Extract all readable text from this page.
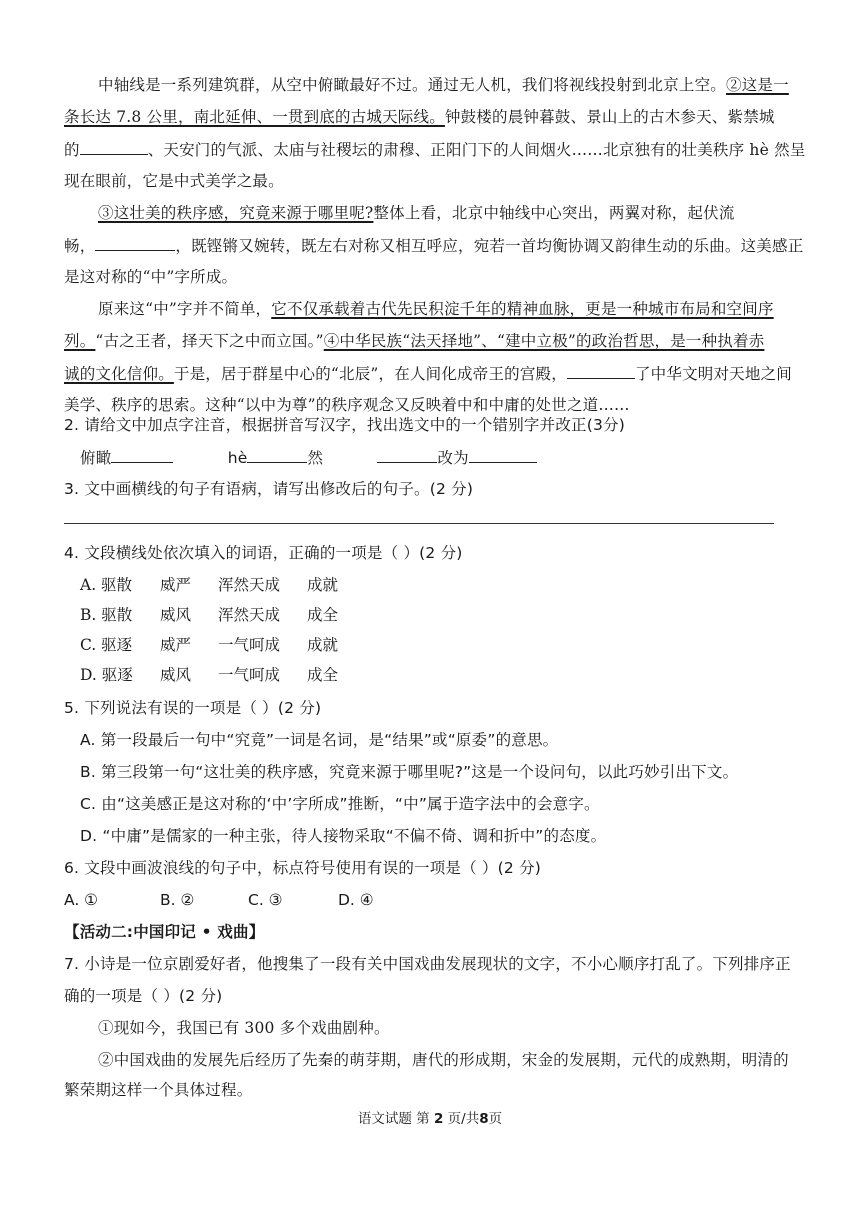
中轴线是一系列建筑群，从空中俯瞰最好不过。通过无人机，我们将视线投射到北京上空。②这是一
条长达 7.8 公里，南北延伸、一贯到底的古城天际线。钟鼓楼的晨钟暮鼓、景山上的古木参天、紫禁城
的	、天安门的气派、太庙与社稷坛的肃穆、正阳门下的人间烟火……北京独有的壮美秩序 hè 然呈
现在眼前，它是中式美学之最。
③这壮美的秩序感，究竟来源于哪里呢?整体上看，北京中轴线中心突出，两翼对称，起伏流
畅，	，既铿锵又婉转，既左右对称又相互呼应，宛若一首均衡协调又韵律生动的乐曲。这美感正
是这对称的“中”字所成。
原来这“中”字并不简单，它不仅承载着古代先民积淀千年的精神血脉，更是一种城市布局和空间序
列。“古之王者，择天下之中而立国。”④中华民族“法天择地”、“建中立极”的政治哲思，是一种执着赤
诚的文化信仰。于是，居于群星中心的“北辰”，在人间化成帝王的宫殿，	了中华文明对天地之间
美学、秩序的思索。这种“以中为尊”的秩序观念又反映着中和中庸的处世之道……
2. 请给文中加点字注音，根据拼音写汉字，找出选文中的一个错别字并改正(3分)
俯瞰	hè	然	改为
3. 文中画横线的句子有语病，请写出修改后的句子。(2 分)
4. 文段横线处依次填入的词语，正确的一项是（ ）(2 分)
A. 驱散 威严 浑然天成 成就
B. 驱散 威风 浑然天成 成全
C. 驱逐 威严 一气呵成 成就
D. 驱逐 威风 一气呵成 成全
5. 下列说法有误的一项是（ ）(2 分)
A. 第一段最后一句中“究竟”一词是名词，是“结果”或“原委”的意思。
B. 第三段第一句“这壮美的秩序感，究竟来源于哪里呢?”这是一个设问句，以此巧妙引出下文。
C. 由“这美感正是这对称的‘中’字所成”推断，“中”属于造字法中的会意字。
D. “中庸”是儒家的一种主张，待人接物采取“不偏不倚、调和折中”的态度。
6. 文段中画波浪线的句子中，标点符号使用有误的一项是（ ）(2 分)
A. ①	B. ②	C. ③	D. ④
【活动二:中国印记 • 戏曲】
7. 小诗是一位京剧爱好者，他搜集了一段有关中国戏曲发展现状的文字，不小心顺序打乱了。下列排序正
确的一项是（ ）(2 分)
①现如今，我国已有 300 多个戏曲剧种。
②中国戏曲的发展先后经历了先秦的萌芽期，唐代的形成期，宋金的发展期，元代的成熟期，明清的
繁荣期这样一个具体过程。
语文试题 第 2 页/共8页
